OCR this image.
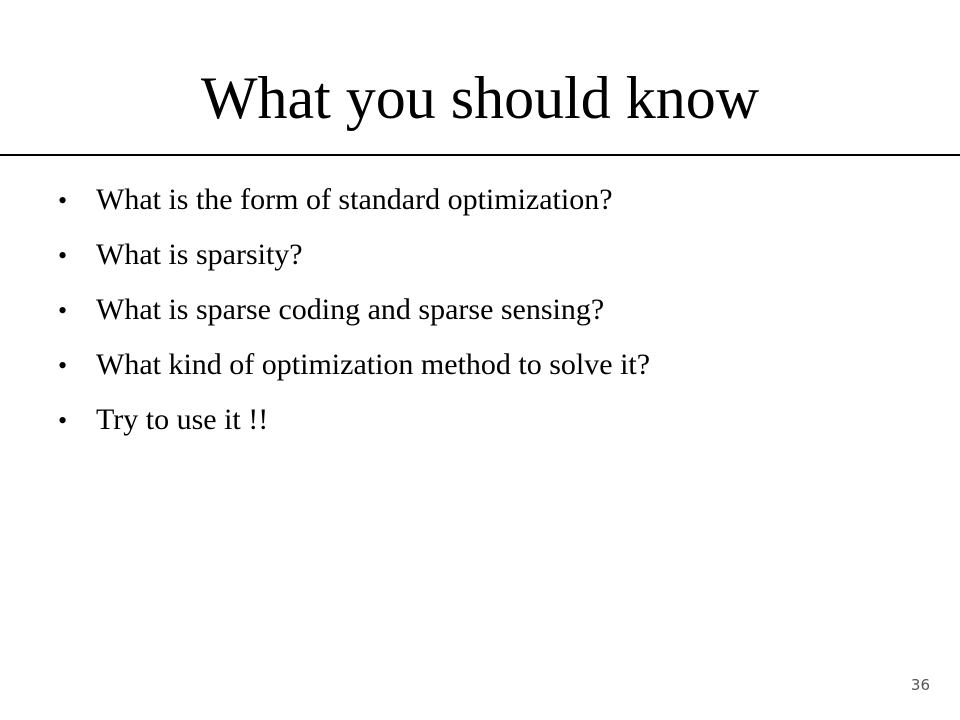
What you should know
• What is the form of standard optimization?
• What is sparsity?
• What is sparse coding and sparse sensing?
• What kind of optimization method to solve it?
• Try to use it !!
36
